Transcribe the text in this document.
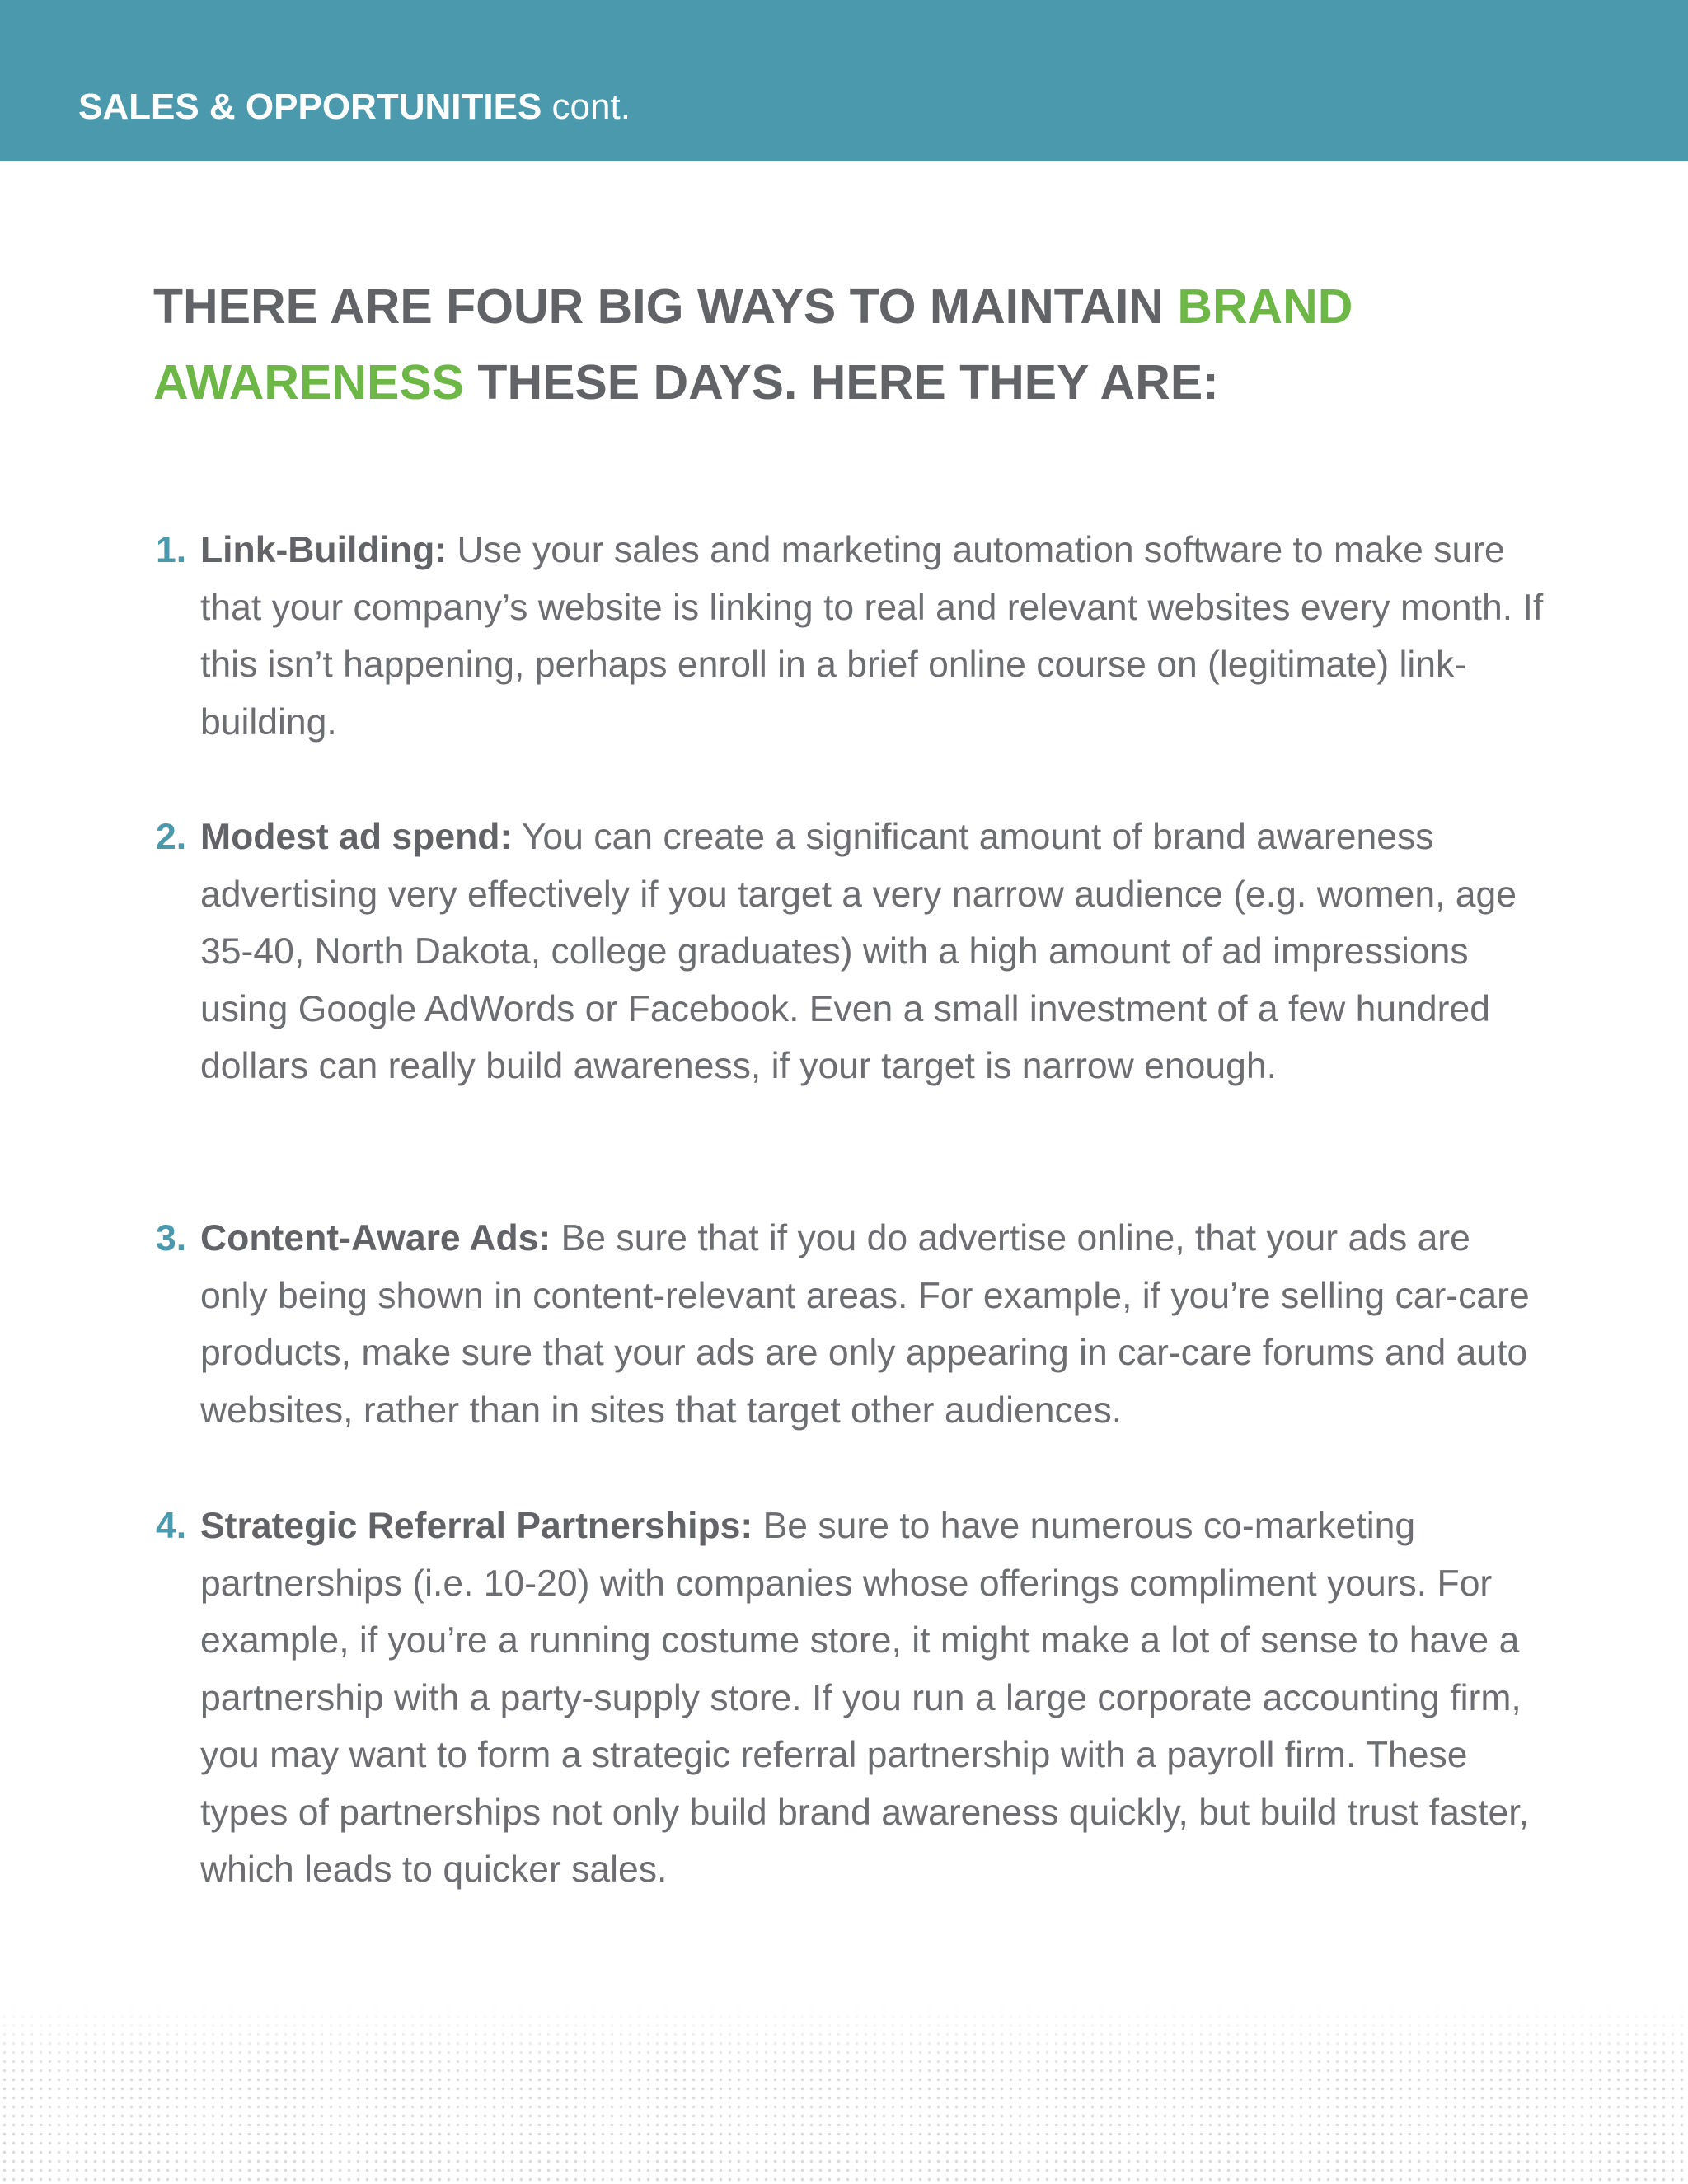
SALES & OPPORTUNITIES cont.
THERE ARE FOUR BIG WAYS TO MAINTAIN BRAND AWARENESS THESE DAYS. HERE THEY ARE:
1. Link-Building: Use your sales and marketing automation software to make sure that your company’s website is linking to real and relevant websites every month. If this isn’t happening, perhaps enroll in a brief online course on (legitimate) link-building.
2. Modest ad spend: You can create a significant amount of brand awareness advertising very effectively if you target a very narrow audience (e.g. women, age 35-40, North Dakota, college graduates) with a high amount of ad impressions using Google AdWords or Facebook. Even a small investment of a few hundred dollars can really build awareness, if your target is narrow enough.
3. Content-Aware Ads: Be sure that if you do advertise online, that your ads are only being shown in content-relevant areas. For example, if you’re selling car-care products, make sure that your ads are only appearing in car-care forums and auto websites, rather than in sites that target other audiences.
4. Strategic Referral Partnerships: Be sure to have numerous co-marketing partnerships (i.e. 10-20) with companies whose offerings compliment yours. For example, if you’re a running costume store, it might make a lot of sense to have a partnership with a party-supply store. If you run a large corporate accounting firm, you may want to form a strategic referral partnership with a payroll firm. These types of partnerships not only build brand awareness quickly, but build trust faster, which leads to quicker sales.
